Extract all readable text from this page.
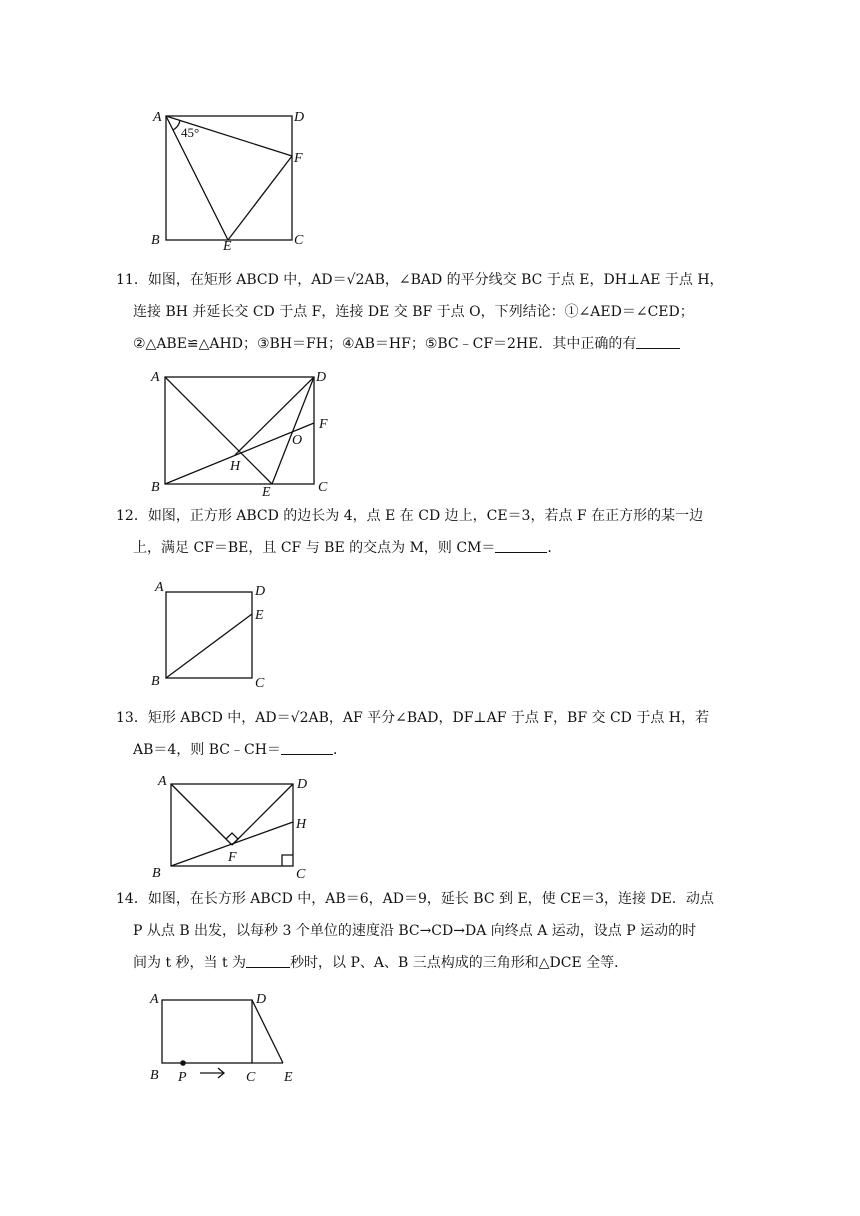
A	D
F
B	E	C
45°

11．如图，在矩形 ABCD 中，AD＝√2AB，∠BAD 的平分线交 BC 于点 E，DH⊥AE 于点 H，

连接 BH 并延长交 CD 于点 F，连接 DE 交 BF 于点 O，下列结论：①∠AED＝∠CED；

②△ABE≌△AHD；③BH＝FH；④AB＝HF；⑤BC﹣CF＝2HE．其中正确的有

A	D
F
O
H
B	E	C

12．如图，正方形 ABCD 的边长为 4，点 E 在 CD 边上，CE＝3，若点 F 在正方形的某一边

上，满足 CF＝BE，且 CF 与 BE 的交点为 M，则 CM＝	．

A	D
E
B	C

13．矩形 ABCD 中，AD＝√2AB，AF 平分∠BAD，DF⊥AF 于点 F，BF 交 CD 于点 H，若

AB＝4，则 BC﹣CH＝	．

A	D
H
F
B	C

14．如图，在长方形 ABCD 中，AB＝6，AD＝9，延长 BC 到 E，使 CE＝3，连接 DE．动点

P 从点 B 出发，以每秒 3 个单位的速度沿 BC→CD→DA 向终点 A 运动，设点 P 运动的时

间为 t 秒，当 t 为	秒时，以 P、A、B 三点构成的三角形和△DCE 全等．

A	D
B P	C E
